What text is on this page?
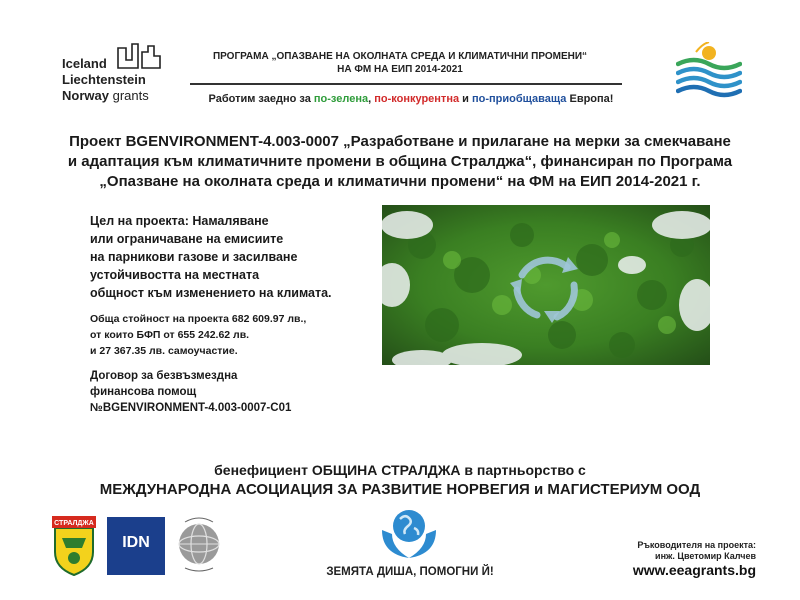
Iceland
Liechtenstein
Norway grants
ПРОГРАМА „ОПАЗВАНЕ НА ОКОЛНАТА СРЕДА И КЛИМАТИЧНИ ПРОМЕНИ“
НА ФМ НА ЕИП 2014-2021
Работим заедно за по-зелена, по-конкурентна и по-приобщаваща Европа!
Проект BGENVIRONMENT-4.003-0007 „Разработване и прилагане на мерки за смекчаване
и адаптация към климатичните промени в община Стралджа“, финансиран по Програма
„Опазване на околната среда и климатични промени“ на ФМ на ЕИП 2014-2021 г.
Цел на проекта: Намаляване
или ограничаване на емисиите
на парникови газове и засилване
устойчивостта на местната
общност към изменението на климата.
Обща стойност на проекта 682 609.97 лв.,
от които БФП от 655 242.62 лв.
и 27 367.35 лв. самоучастие.
Договор за безвъзмездна
финансова помощ
№BGENVIRONMENT-4.003-0007-C01
бенефициент ОБЩИНА СТРАЛДЖА в партньорство с
МЕЖДУНАРОДНА АСОЦИАЦИЯ ЗА РАЗВИТИЕ НОРВЕГИЯ и МАГИСТЕРИУМ ООД
СТРАЛДЖА
IDN
ЗЕМЯТА ДИША, ПОМОГНИ Й!
Ръководителя на проекта:
инж. Цветомир Калчев
www.eeagrants.bg
